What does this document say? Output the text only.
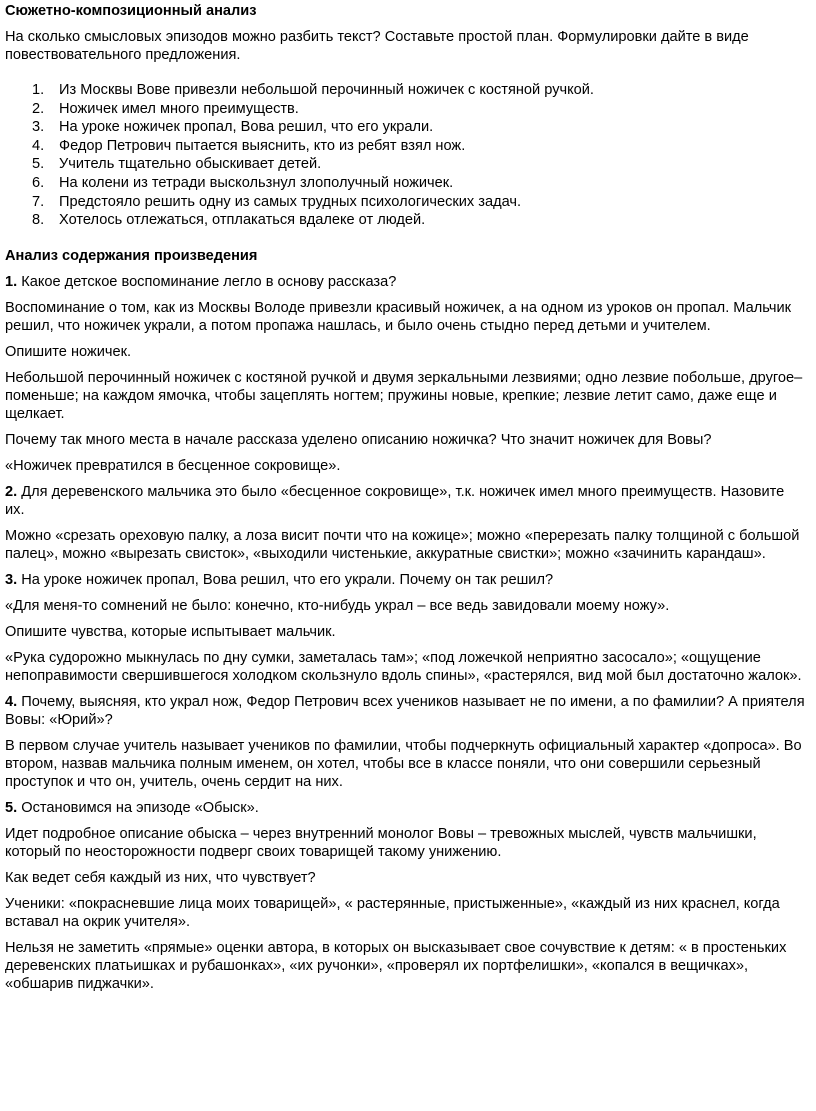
Сюжетно-композиционный анализ

На сколько смысловых эпизодов можно разбить текст? Составьте простой план. Формулировки дайте в виде повествовательного предложения.

1.	Из Москвы Вове привезли небольшой перочинный ножичек с костяной ручкой.
2.	Ножичек имел много преимуществ.
3.	На уроке ножичек пропал, Вова решил, что его украли.
4.	Федор Петрович пытается выяснить, кто из ребят взял нож.
5.	Учитель тщательно обыскивает детей.
6.	На колени из тетради выскользнул злополучный ножичек.
7.	Предстояло решить одну из самых трудных психологических задач.
8.	Хотелось отлежаться, отплакаться вдалеке от людей.
Анализ содержания произведения

1. Какое детское воспоминание легло в основу рассказа?

Воспоминание о том, как из Москвы Володе привезли красивый ножичек, а на одном из уроков он пропал. Мальчик решил, что ножичек украли, а потом пропажа нашлась, и было очень стыдно перед детьми и учителем.

Опишите ножичек.

Небольшой перочинный ножичек с костяной ручкой и двумя зеркальными лезвиями; одно лезвие побольше, другое– поменьше; на каждом ямочка, чтобы зацеплять ногтем; пружины новые, крепкие; лезвие летит само, даже еще и щелкает.

Почему так много места в начале рассказа уделено описанию ножичка? Что значит ножичек для Вовы?

«Ножичек превратился в бесценное сокровище».

2. Для деревенского мальчика это было «бесценное сокровище», т.к. ножичек имел много преимуществ. Назовите их.

Можно «срезать ореховую палку, а лоза висит почти что на кожице»; можно «перерезать палку толщиной с большой палец», можно «вырезать свисток», «выходили чистенькие, аккуратные свистки»; можно «зачинить карандаш».

3. На уроке ножичек пропал, Вова решил, что его украли. Почему он так решил?

«Для меня-то сомнений не было: конечно, кто-нибудь украл – все ведь завидовали моему ножу».

Опишите чувства, которые испытывает мальчик.

«Рука судорожно мыкнулась по дну сумки, заметалась там»; «под ложечкой неприятно засосало»; «ощущение непоправимости свершившегося холодком скользнуло вдоль спины», «растерялся, вид мой был достаточно жалок».

4. Почему, выясняя, кто украл нож, Федор Петрович всех учеников называет не по имени, а по фамилии? А приятеля Вовы: «Юрий»?

В первом случае учитель называет учеников по фамилии, чтобы подчеркнуть официальный характер «допроса». Во втором, назвав мальчика полным именем, он хотел, чтобы все в классе поняли, что они совершили серьезный проступок и что он, учитель, очень сердит на них.

5. Остановимся на эпизоде «Обыск».

Идет подробное описание обыска – через внутренний монолог Вовы – тревожных мыслей, чувств мальчишки, который по неосторожности подверг своих товарищей такому унижению.

Как ведет себя каждый из них, что чувствует?

Ученики: «покрасневшие лица моих товарищей», « растерянные, пристыженные», «каждый из них краснел, когда вставал на окрик учителя».

Нельзя не заметить «прямые» оценки автора, в которых он высказывает свое сочувствие к детям: « в простеньких деревенских платьишках и рубашонках», «их ручонки», «проверял их портфелишки», «копался в вещичках», «обшарив пиджачки».
